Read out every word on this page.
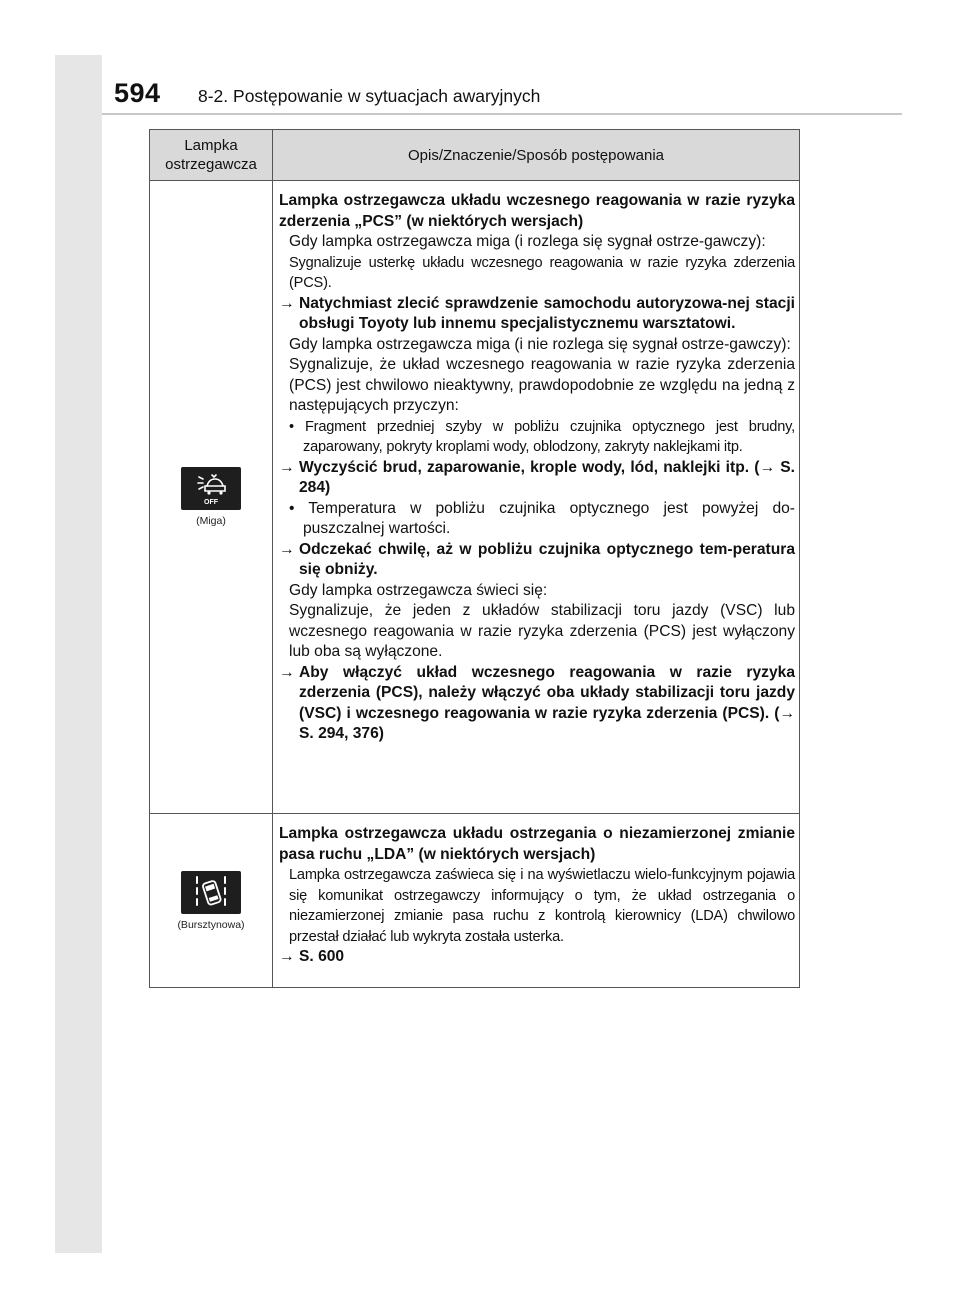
594 8-2. Postępowanie w sytuacjach awaryjnych
Lampka ostrzegawcza
Opis/Znaczenie/Sposób postępowania
OFF
(Miga)

Lampka ostrzegawcza układu wczesnego reagowania w razie ryzyka zderzenia „PCS” (w niektórych wersjach)

Gdy lampka ostrzegawcza miga (i rozlega się sygnał ostrze-gawczy):

Sygnalizuje usterkę układu wczesnego reagowania w razie ryzyka zderzenia (PCS).

→ Natychmiast zlecić sprawdzenie samochodu autoryzowa-nej stacji obsługi Toyoty lub innemu specjalistycznemu warsztatowi.

Gdy lampka ostrzegawcza miga (i nie rozlega się sygnał ostrze-gawczy):

Sygnalizuje, że układ wczesnego reagowania w razie ryzyka zderzenia (PCS) jest chwilowo nieaktywny, prawdopodobnie ze względu na jedną z następujących przyczyn:

• Fragment przedniej szyby w pobliżu czujnika optycznego jest brudny, zaparowany, pokryty kroplami wody, oblodzony, zakryty naklejkami itp.

→ Wyczyścić brud, zaparowanie, krople wody, lód, naklejki itp. (→ S. 284)

• Temperatura w pobliżu czujnika optycznego jest powyżej do-puszczalnej wartości.

→ Odczekać chwilę, aż w pobliżu czujnika optycznego tem-peratura się obniży.

Gdy lampka ostrzegawcza świeci się:

Sygnalizuje, że jeden z układów stabilizacji toru jazdy (VSC) lub wczesnego reagowania w razie ryzyka zderzenia (PCS) jest wyłączony lub oba są wyłączone.

→ Aby włączyć układ wczesnego reagowania w razie ryzyka zderzenia (PCS), należy włączyć oba układy stabilizacji toru jazdy (VSC) i wczesnego reagowania w razie ryzyka zderzenia (PCS). (→ S. 294, 376)

(Bursztynowa)

Lampka ostrzegawcza układu ostrzegania o niezamierzonej zmianie pasa ruchu „LDA” (w niektórych wersjach)

Lampka ostrzegawcza zaświeca się i na wyświetlaczu wielo-funkcyjnym pojawia się komunikat ostrzegawczy informujący o tym, że układ ostrzegania o niezamierzonej zmianie pasa ruchu z kontrolą kierownicy (LDA) chwilowo przestał działać lub wykryta została usterka.

→ S. 600
